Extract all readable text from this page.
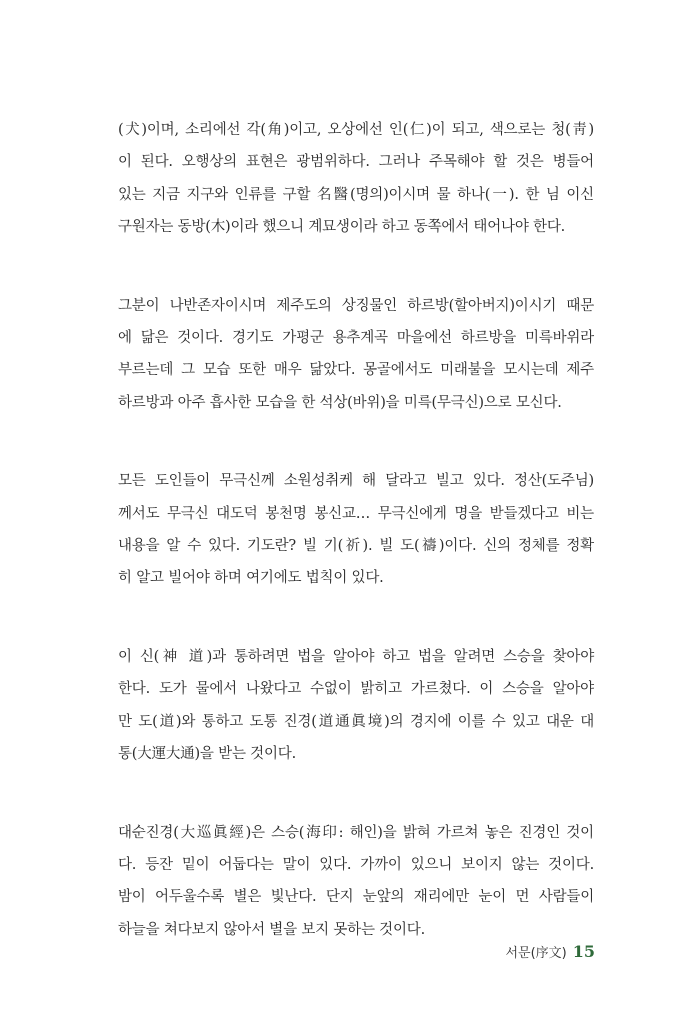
(犬)이며, 소리에선 각(角)이고, 오상에선 인(仁)이 되고, 색으로는 청(靑)
이 된다. 오행상의 표현은 광범위하다. 그러나 주목해야 할 것은 병들어
있는 지금 지구와 인류를 구할 名醫(명의)이시며 물 하나(一). 한 님 이신
구원자는 동방(木)이라 했으니 계묘생이라 하고 동쪽에서 태어나야 한다.
그분이 나반존자이시며 제주도의 상징물인 하르방(할아버지)이시기 때문
에 닮은 것이다. 경기도 가평군 용추계곡 마을에선 하르방을 미륵바위라
부르는데 그 모습 또한 매우 닮았다. 몽골에서도 미래불을 모시는데 제주
하르방과 아주 흡사한 모습을 한 석상(바위)을 미륵(무극신)으로 모신다.
모든 도인들이 무극신께 소원성취케 해 달라고 빌고 있다. 정산(도주님)
께서도 무극신 대도덕 봉천명 봉신교… 무극신에게 명을 받들겠다고 비는
내용을 알 수 있다. 기도란? 빌 기(祈). 빌 도(禱)이다. 신의 정체를 정확
히 알고 빌어야 하며 여기에도 법칙이 있다.
이 신(神 道)과 통하려면 법을 알아야 하고 법을 알려면 스승을 찾아야
한다. 도가 물에서 나왔다고 수없이 밝히고 가르쳤다. 이 스승을 알아야
만 도(道)와 통하고 도통 진경(道通眞境)의 경지에 이를 수 있고 대운 대
통(大運大通)을 받는 것이다.
대순진경(大巡眞經)은 스승(海印: 해인)을 밝혀 가르쳐 놓은 진경인 것이
다. 등잔 밑이 어둡다는 말이 있다. 가까이 있으니 보이지 않는 것이다.
밤이 어두울수록 별은 빛난다. 단지 눈앞의 재리에만 눈이 먼 사람들이
하늘을 쳐다보지 않아서 별을 보지 못하는 것이다.
서문(序文) 15
